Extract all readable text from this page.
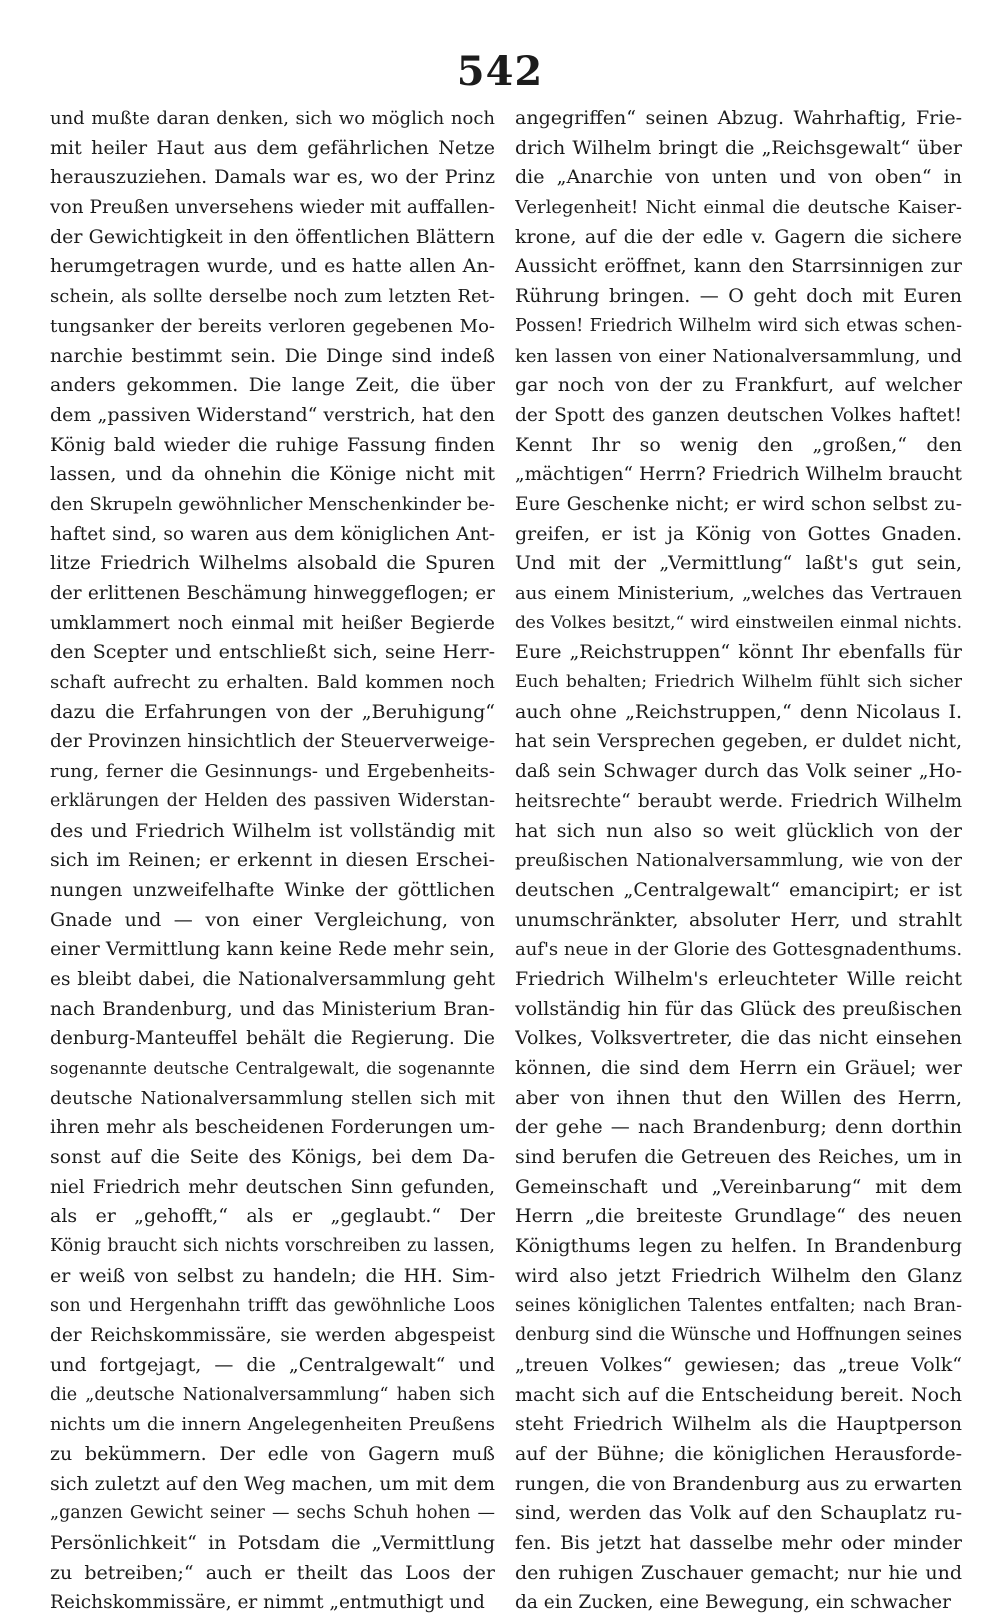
542
und mußte daran denken, sich wo möglich noch
mit heiler Haut aus dem gefährlichen Netze
herauszuziehen. Damals war es, wo der Prinz
von Preußen unversehens wieder mit auffallen-
der Gewichtigkeit in den öffentlichen Blättern
herumgetragen wurde, und es hatte allen An-
schein, als sollte derselbe noch zum letzten Ret-
tungsanker der bereits verloren gegebenen Mo-
narchie bestimmt sein. Die Dinge sind indeß
anders gekommen. Die lange Zeit, die über
dem „passiven Widerstand“ verstrich, hat den
König bald wieder die ruhige Fassung finden
lassen, und da ohnehin die Könige nicht mit
den Skrupeln gewöhnlicher Menschenkinder be-
haftet sind, so waren aus dem königlichen Ant-
litze Friedrich Wilhelms alsobald die Spuren
der erlittenen Beschämung hinweggeflogen; er
umklammert noch einmal mit heißer Begierde
den Scepter und entschließt sich, seine Herr-
schaft aufrecht zu erhalten. Bald kommen noch
dazu die Erfahrungen von der „Beruhigung“
der Provinzen hinsichtlich der Steuerverweige-
rung, ferner die Gesinnungs- und Ergebenheits-
erklärungen der Helden des passiven Widerstan-
des und Friedrich Wilhelm ist vollständig mit
sich im Reinen; er erkennt in diesen Erschei-
nungen unzweifelhafte Winke der göttlichen
Gnade und — von einer Vergleichung, von
einer Vermittlung kann keine Rede mehr sein,
es bleibt dabei, die Nationalversammlung geht
nach Brandenburg, und das Ministerium Bran-
denburg-Manteuffel behält die Regierung. Die
sogenannte deutsche Centralgewalt, die sogenannte
deutsche Nationalversammlung stellen sich mit
ihren mehr als bescheidenen Forderungen um-
sonst auf die Seite des Königs, bei dem Da-
niel Friedrich mehr deutschen Sinn gefunden,
als er „gehofft,“ als er „geglaubt.“ Der
König braucht sich nichts vorschreiben zu lassen,
er weiß von selbst zu handeln; die HH. Sim-
son und Hergenhahn trifft das gewöhnliche Loos
der Reichskommissäre, sie werden abgespeist
und fortgejagt, — die „Centralgewalt“ und
die „deutsche Nationalversammlung“ haben sich
nichts um die innern Angelegenheiten Preußens
zu bekümmern. Der edle von Gagern muß
sich zuletzt auf den Weg machen, um mit dem
„ganzen Gewicht seiner — sechs Schuh hohen —
Persönlichkeit“ in Potsdam die „Vermittlung
zu betreiben;“ auch er theilt das Loos der
Reichskommissäre, er nimmt „entmuthigt und
angegriffen“ seinen Abzug. Wahrhaftig, Frie-
drich Wilhelm bringt die „Reichsgewalt“ über
die „Anarchie von unten und von oben“ in
Verlegenheit! Nicht einmal die deutsche Kaiser-
krone, auf die der edle v. Gagern die sichere
Aussicht eröffnet, kann den Starrsinnigen zur
Rührung bringen. — O geht doch mit Euren
Possen! Friedrich Wilhelm wird sich etwas schen-
ken lassen von einer Nationalversammlung, und
gar noch von der zu Frankfurt, auf welcher
der Spott des ganzen deutschen Volkes haftet!
Kennt Ihr so wenig den „großen,“ den
„mächtigen“ Herrn? Friedrich Wilhelm braucht
Eure Geschenke nicht; er wird schon selbst zu-
greifen, er ist ja König von Gottes Gnaden.
Und mit der „Vermittlung“ laßt's gut sein,
aus einem Ministerium, „welches das Vertrauen
des Volkes besitzt,“ wird einstweilen einmal nichts.
Eure „Reichstruppen“ könnt Ihr ebenfalls für
Euch behalten; Friedrich Wilhelm fühlt sich sicher
auch ohne „Reichstruppen,“ denn Nicolaus I.
hat sein Versprechen gegeben, er duldet nicht,
daß sein Schwager durch das Volk seiner „Ho-
heitsrechte“ beraubt werde. Friedrich Wilhelm
hat sich nun also so weit glücklich von der
preußischen Nationalversammlung, wie von der
deutschen „Centralgewalt“ emancipirt; er ist
unumschränkter, absoluter Herr, und strahlt
auf's neue in der Glorie des Gottesgnadenthums.
Friedrich Wilhelm's erleuchteter Wille reicht
vollständig hin für das Glück des preußischen
Volkes, Volksvertreter, die das nicht einsehen
können, die sind dem Herrn ein Gräuel; wer
aber von ihnen thut den Willen des Herrn,
der gehe — nach Brandenburg; denn dorthin
sind berufen die Getreuen des Reiches, um in
Gemeinschaft und „Vereinbarung“ mit dem
Herrn „die breiteste Grundlage“ des neuen
Königthums legen zu helfen. In Brandenburg
wird also jetzt Friedrich Wilhelm den Glanz
seines königlichen Talentes entfalten; nach Bran-
denburg sind die Wünsche und Hoffnungen seines
„treuen Volkes“ gewiesen; das „treue Volk“
macht sich auf die Entscheidung bereit. Noch
steht Friedrich Wilhelm als die Hauptperson
auf der Bühne; die königlichen Herausforde-
rungen, die von Brandenburg aus zu erwarten
sind, werden das Volk auf den Schauplatz ru-
fen. Bis jetzt hat dasselbe mehr oder minder
den ruhigen Zuschauer gemacht; nur hie und
da ein Zucken, eine Bewegung, ein schwacher
